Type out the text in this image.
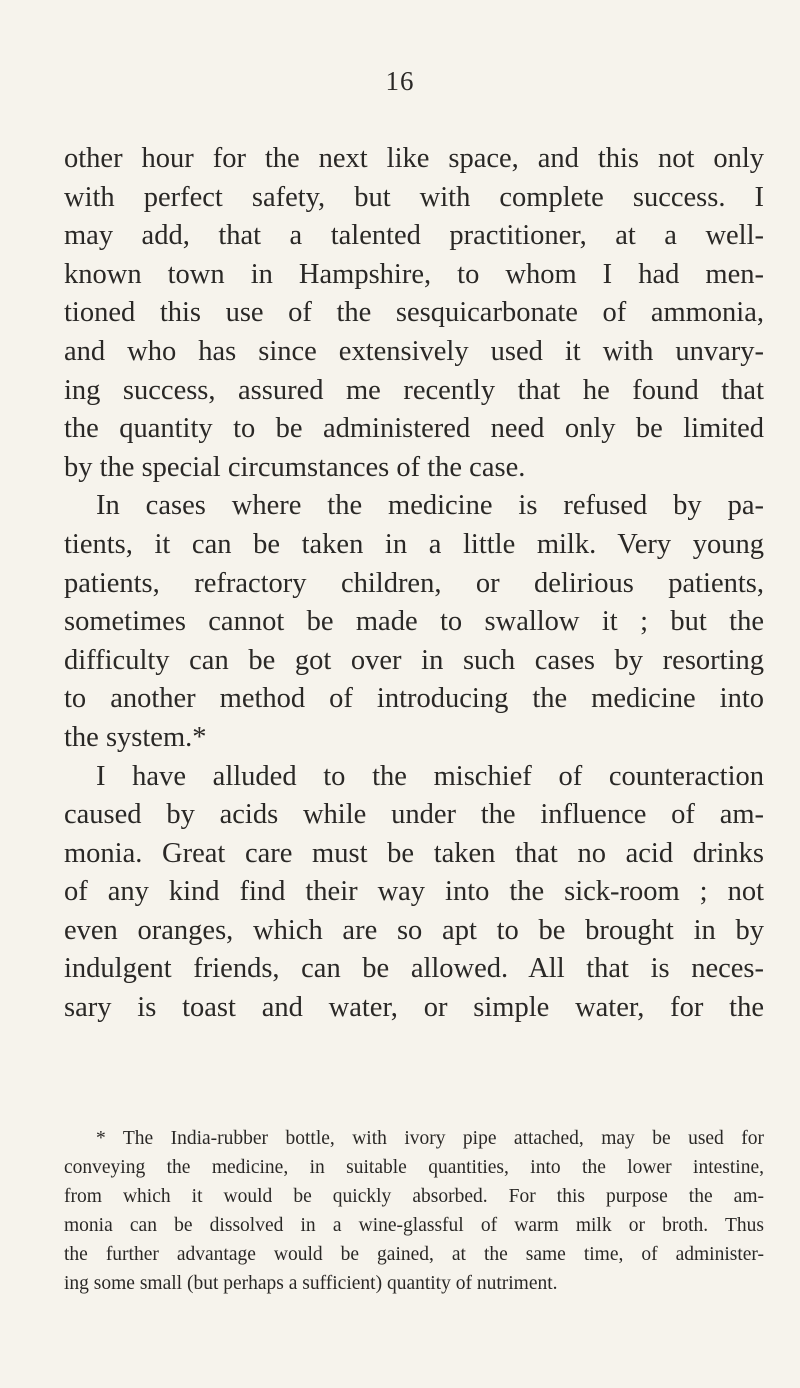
16
other hour for the next like space, and this not only
with perfect safety, but with complete success. I
may add, that a talented practitioner, at a well-
known town in Hampshire, to whom I had men-
tioned this use of the sesquicarbonate of ammonia,
and who has since extensively used it with unvary-
ing success, assured me recently that he found that
the quantity to be administered need only be limited
by the special circumstances of the case.
In cases where the medicine is refused by pa-
tients, it can be taken in a little milk. Very young
patients, refractory children, or delirious patients,
sometimes cannot be made to swallow it ; but the
difficulty can be got over in such cases by resorting
to another method of introducing the medicine into
the system.*
I have alluded to the mischief of counteraction
caused by acids while under the influence of am-
monia. Great care must be taken that no acid drinks
of any kind find their way into the sick-room ; not
even oranges, which are so apt to be brought in by
indulgent friends, can be allowed. All that is neces-
sary is toast and water, or simple water, for the
* The India-rubber bottle, with ivory pipe attached, may be used for
conveying the medicine, in suitable quantities, into the lower intestine,
from which it would be quickly absorbed. For this purpose the am-
monia can be dissolved in a wine-glassful of warm milk or broth. Thus
the further advantage would be gained, at the same time, of administer-
ing some small (but perhaps a sufficient) quantity of nutriment.
